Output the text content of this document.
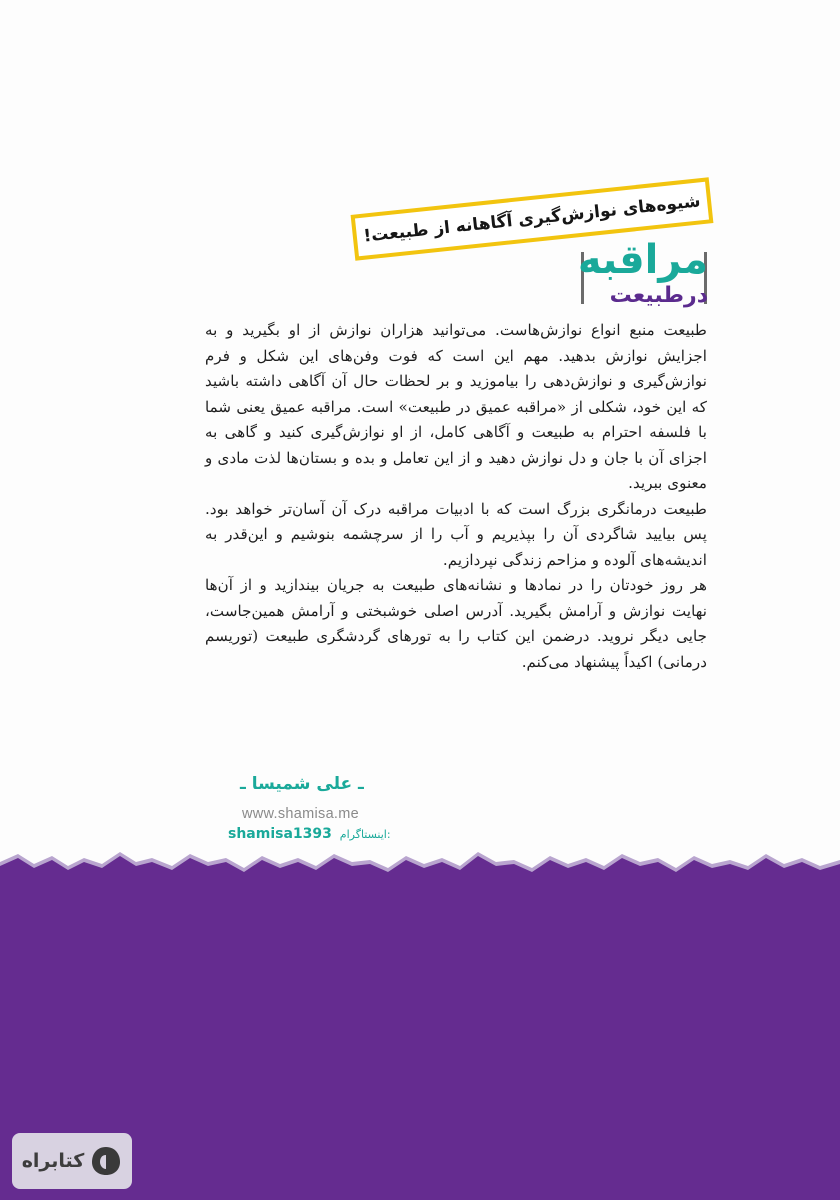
شیوه‌های نوازش‌گیری آگاهانه از طبیعت!
مراقبه
درطبیعت

طبیعت منبع انواع نوازش‌هاست. می‌توانید هزاران نوازش از او بگیرید و به اجزایش نوازش بدهید. مهم این است که فوت وفن‌های این شکل و فرم نوازش‌گیری و نوازش‌دهی را بیاموزید و بر لحظات حال آن آگاهی داشته باشید که این خود، شکلی از «مراقبه عمیق در طبیعت» است. مراقبه عمیق یعنی شما با فلسفه احترام به طبیعت و آگاهی کامل، از او نوازش‌گیری کنید و گاهی به اجزای آن با جان و دل نوازش دهید و از این تعامل و بده و بستان‌ها لذت مادی و معنوی ببرید.

طبیعت درمانگری بزرگ است که با ادبیات مراقبه درک آن آسان‌تر خواهد بود. پس بیایید شاگردی آن را بپذیریم و آب را از سرچشمه بنوشیم و این‌قدر به اندیشه‌های آلوده و مزاحم زندگی نپردازیم.

هر روز خودتان را در نمادها و نشانه‌های طبیعت به جریان بیندازید و از آن‌ها نهایت نوازش و آرامش بگیرید. آدرس اصلی خوشبختی و آرامش همین‌جاست، جایی دیگر نروید. درضمن این کتاب را به تورهای گردشگری طبیعت (توریسم درمانی) اکیداً پیشنهاد می‌کنم.

ـ علی شمیسا ـ
www.shamisa.me
shamisa1393 اینستاگرام:
کتابراه
